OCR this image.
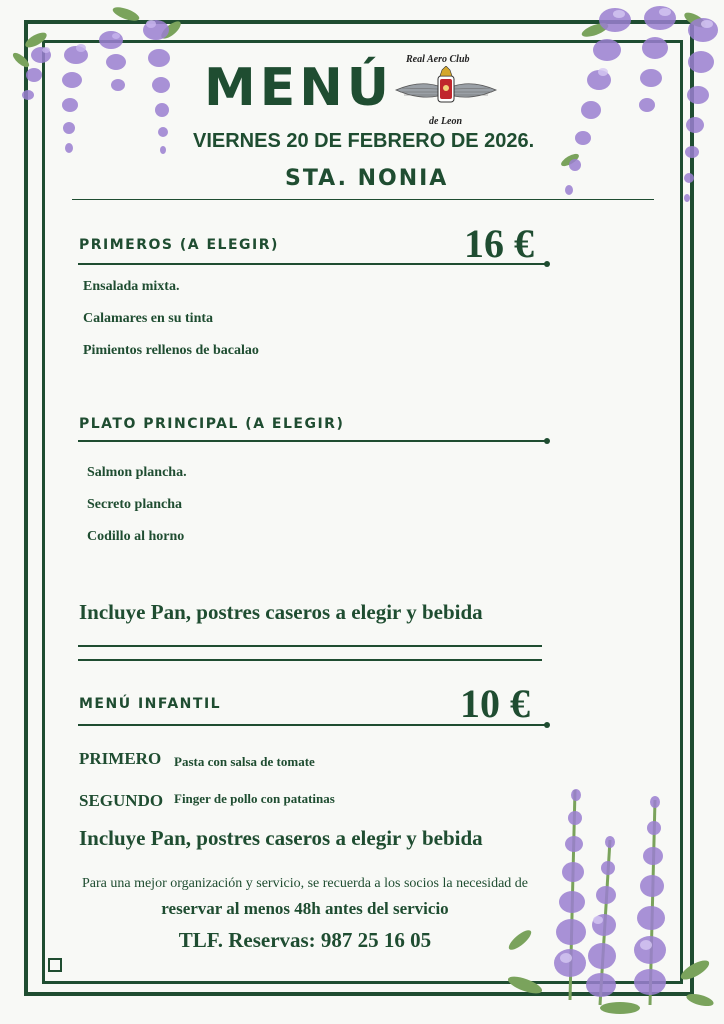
MENÚ Real Aero Club
de Leon
VIERNES 20 DE FEBRERO DE 2026.
STA. NONIA
PRIMEROS (A ELEGIR)	16 €
Ensalada mixta.
Calamares en su tinta
Pimientos rellenos de bacalao
PLATO PRINCIPAL (A ELEGIR)
Salmon plancha.
Secreto plancha
Codillo al horno
Incluye Pan, postres caseros a elegir y bebida
MENÚ INFANTIL	10 €
PRIMERO Pasta con salsa de tomate
SEGUNDO Finger de pollo con patatinas
Incluye Pan, postres caseros a elegir y bebida
Para una mejor organización y servicio, se recuerda a los socios la necesidad de
reservar al menos 48h antes del servicio
TLF. Reservas: 987 25 16 05
